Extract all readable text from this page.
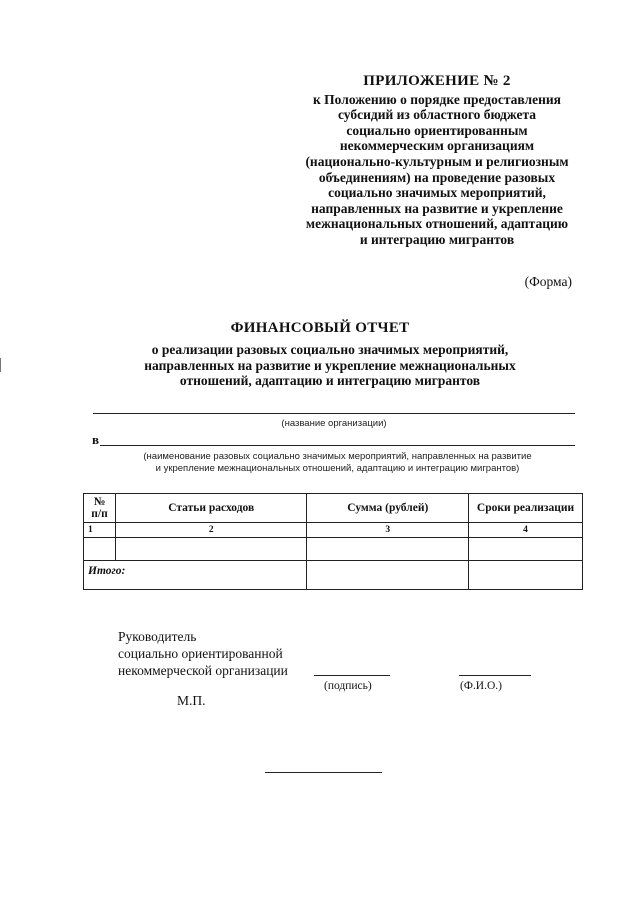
ПРИЛОЖЕНИЕ № 2
к Положению о порядке предоставления
субсидий из областного бюджета
социально ориентированным
некоммерческим организациям
(национально-культурным и религиозным
объединениям) на проведение разовых
социально значимых мероприятий,
направленных на развитие и укрепление
межнациональных отношений, адаптацию
и интеграцию мигрантов
(Форма)
ФИНАНСОВЫЙ ОТЧЕТ
о реализации разовых социально значимых мероприятий,
направленных на развитие и укрепление межнациональных
отношений, адаптацию и интеграцию мигрантов
(название организации)
в
(наименование разовых социально значимых мероприятий, направленных на развитие
и укрепление межнациональных отношений, адаптацию и интеграцию мигрантов)
№ п/п	Статьи расходов	Сумма (рублей)	Сроки реализации
1	2	3	4

Итого:			
Руководитель
социально ориентированной
некоммерческой организации
(подпись)	(Ф.И.О.)
М.П.
